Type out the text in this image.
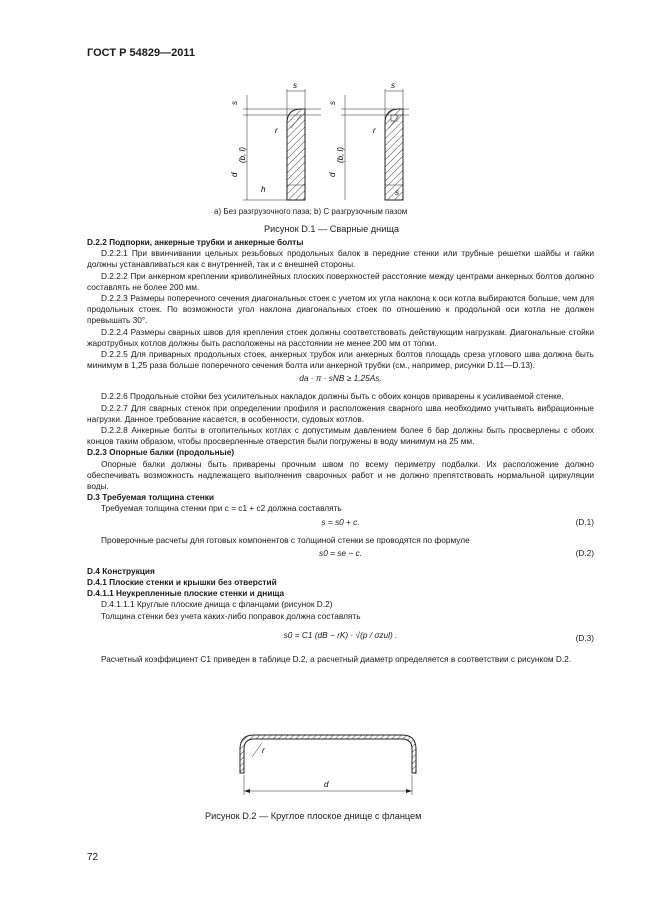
ГОСТ Р 54829—2011
s
s
r
d
(b, l)
h
s
s
r
d
(b, l)
s
a) Без разгрузочного паза; b) С разгрузочным пазом
Рисунок D.1 — Сварные днища

D.2.2 Подпорки, анкерные трубки и анкерные болты

D.2.2.1 При ввинчивании цельных резьбовых продольных балок в передние стенки или трубные решетки шайбы и гайки должны устанавливаться как с внутренней, так и с внешней стороны.

D.2.2.2 При анкерном креплении криволинейных плоских поверхностей расстояние между центрами анкерных болтов должно составлять не более 200 мм.

D.2.2.3 Размеры поперечного сечения диагональных стоек с учетом их угла наклона к оси котла выбираются больше, чем для продольных стоек. По возможности угол наклона диагональных стоек по отношению к продольной оси котла не должен превышать 30°.

D.2.2.4 Размеры сварных швов для крепления стоек должны соответствовать действующим нагрузкам. Диагональные стойки жаротрубных котлов должны быть расположены на расстоянии не менее 200 мм от топки.

D.2.2.5 Для приварных продольных стоек, анкерных трубок или анкерных болтов площадь среза углового шва должна быть минимум в 1,25 раза больше поперечного сечения болта или анкерной трубки (см., например, рисунки D.11—D.13).

da · π · sNB ≥ 1,25As.

D.2.2.6 Продольные стойки без усилительных накладок должны быть с обоих концов приварены к усиливаемой стенке.

D.2.2.7 Для сварных стенок при определении профиля и расположения сварного шва необходимо учитывать вибрационные нагрузки. Данное требование касается, в особенности, судовых котлов.

D.2.2.8 Анкерные болты в отопительных котлах с допустимым давлением более 6 бар должны быть просверлены с обоих концов таким образом, чтобы просверленные отверстия были погружены в воду минимум на 25 мм.

D.2.3 Опорные балки (продольные)

Опорные балки должны быть приварены прочным швом по всему периметру подбалки. Их расположение должно обеспечивать возможность надлежащего выполнения сварочных работ и не должно препятствовать нормальной циркуляции воды.

D.3 Требуемая толщина стенки

Требуемая толщина стенки при c = c1 + c2 должна составлять

s = s0 + c.	(D.1)

Проверочные расчеты для готовых компонентов с толщиной стенки se проводятся по формуле

s0 = se − c.	(D.2)

D.4 Конструкция

D.4.1 Плоские стенки и крышки без отверстий

D.4.1.1 Неукрепленные плоские стенки и днища

D.4.1.1.1 Круглые плоские днища с фланцами (рисунок D.2)

Толщина стенки без учета каких-либо поправок должна составлять

s0 = C1 (dB − rK) · √(p / σzul) .	(D.3)

Расчетный коэффициент C1 приведен в таблице D.2, а расчетный диаметр определяется в соответствии с рисунком D.2.

r
d
Рисунок D.2 — Круглое плоское днище с фланцем
72
